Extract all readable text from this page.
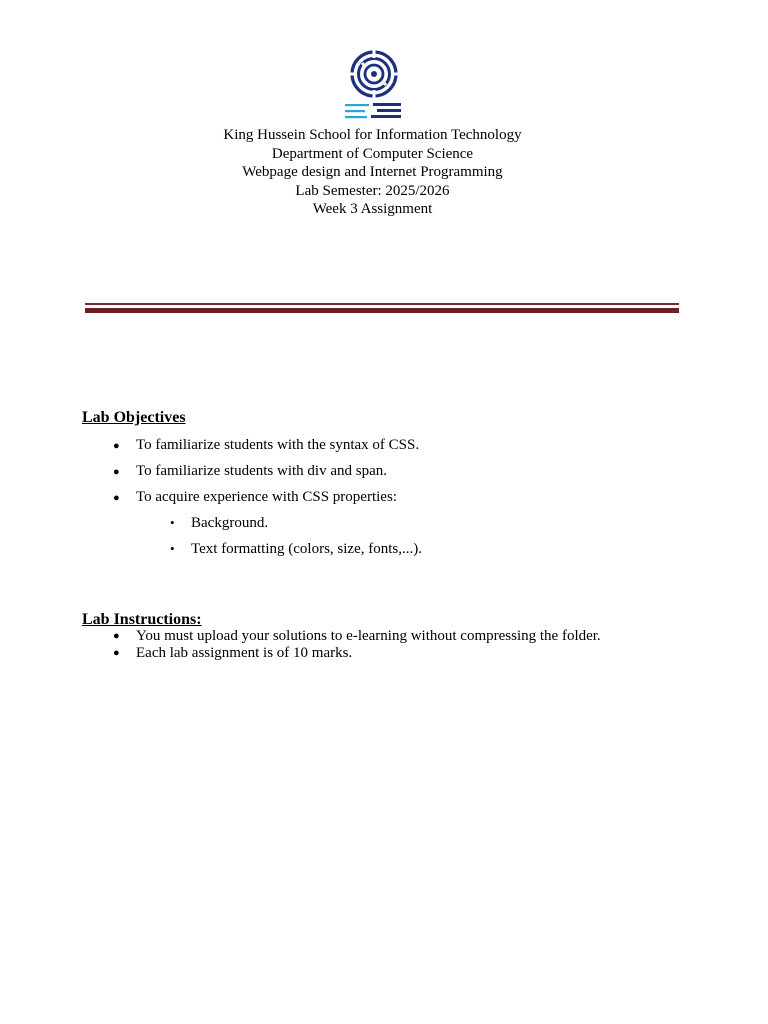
King Hussein School for Information Technology
Department of Computer Science
Webpage design and Internet Programming
Lab Semester: 2025/2026
Week 3 Assignment
Lab Objectives
● To familiarize students with the syntax of CSS.
● To familiarize students with div and span.
● To acquire experience with CSS properties:
• Background.
• Text formatting (colors, size, fonts,...).
Lab Instructions:
● You must upload your solutions to e-learning without compressing the folder.
● Each lab assignment is of 10 marks.
